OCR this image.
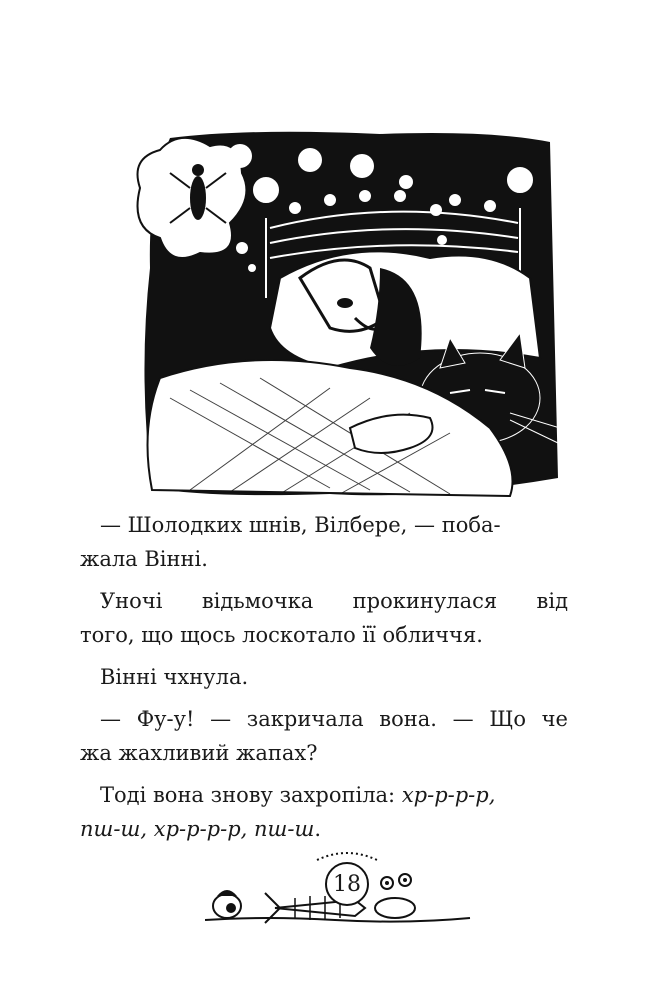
— Шолодких шнів, Вілбере, — поба-
жала Вінні.

Уночі відьмочка прокинулася від
того, що щось лоскотало її обличчя.

Вінні чхнула.

— Фу-у! — закричала вона. — Що че
жа жахливий жапах?

Тоді вона знову захропіла: хр-р-р-р,
пш-ш, хр-р-р-р, пш-ш.

18
